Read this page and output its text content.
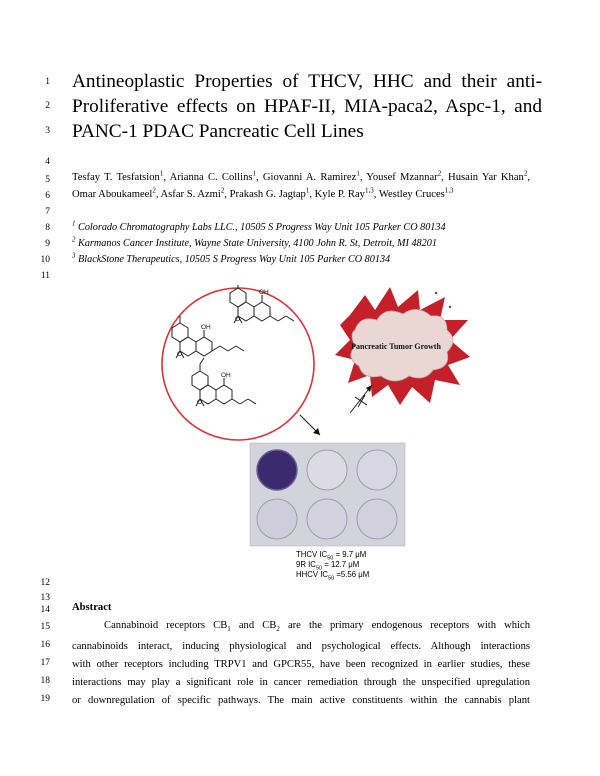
1
2
3
4
5
6
7
8
9
10
11
12
13
14
15
16
17
18
19
Antineoplastic Properties of THCV, HHC and their anti-
Proliferative effects on HPAF-II, MIA-paca2, Aspc-1, and
PANC-1 PDAC Pancreatic Cell Lines
Tesfay T. Tesfatsion$^1$, Arianna C. Collins$^1$, Giovanni A. Ramirez$^1$, Yousef Mzannar$^2$, Husain Yar Khan$^2$, Omar Aboukameel$^2$, Asfar S. Azmi$^2$, Prakash G. Jagtap$^1$, Kyle P. Ray$^{1,3}$, Westley Cruces$^{1,3}$
$^1$ Colorado Chromatography Labs LLC., 10505 S Progress Way Unit 105 Parker CO 80134
$^2$ Karmanos Cancer Institute, Wayne State University, 4100 John R. St, Detroit, MI 48201
$^3$ BlackStone Therapeutics, 10505 S Progress Way Unit 105 Parker CO 80134
OH
O
OH
O
OH
O
Pancreatic Tumor Growth
THCV $IC_{50} = 9.7$ μM
9R $IC_{50} = 12.7$ μM
HHCV $IC_{50} =5.56$ μM
Abstract
Cannabinoid receptors $CB_1$ and $CB_2$ are the primary endogenous receptors with which
cannabinoids interact, inducing physiological and psychological effects. Although interactions
with other receptors including TRPV1 and GPCR55, have been recognized in earlier studies, these
interactions may play a significant role in cancer remediation through the unspecified upregulation
or downregulation of specific pathways. The main active constituents within the cannabis plant
